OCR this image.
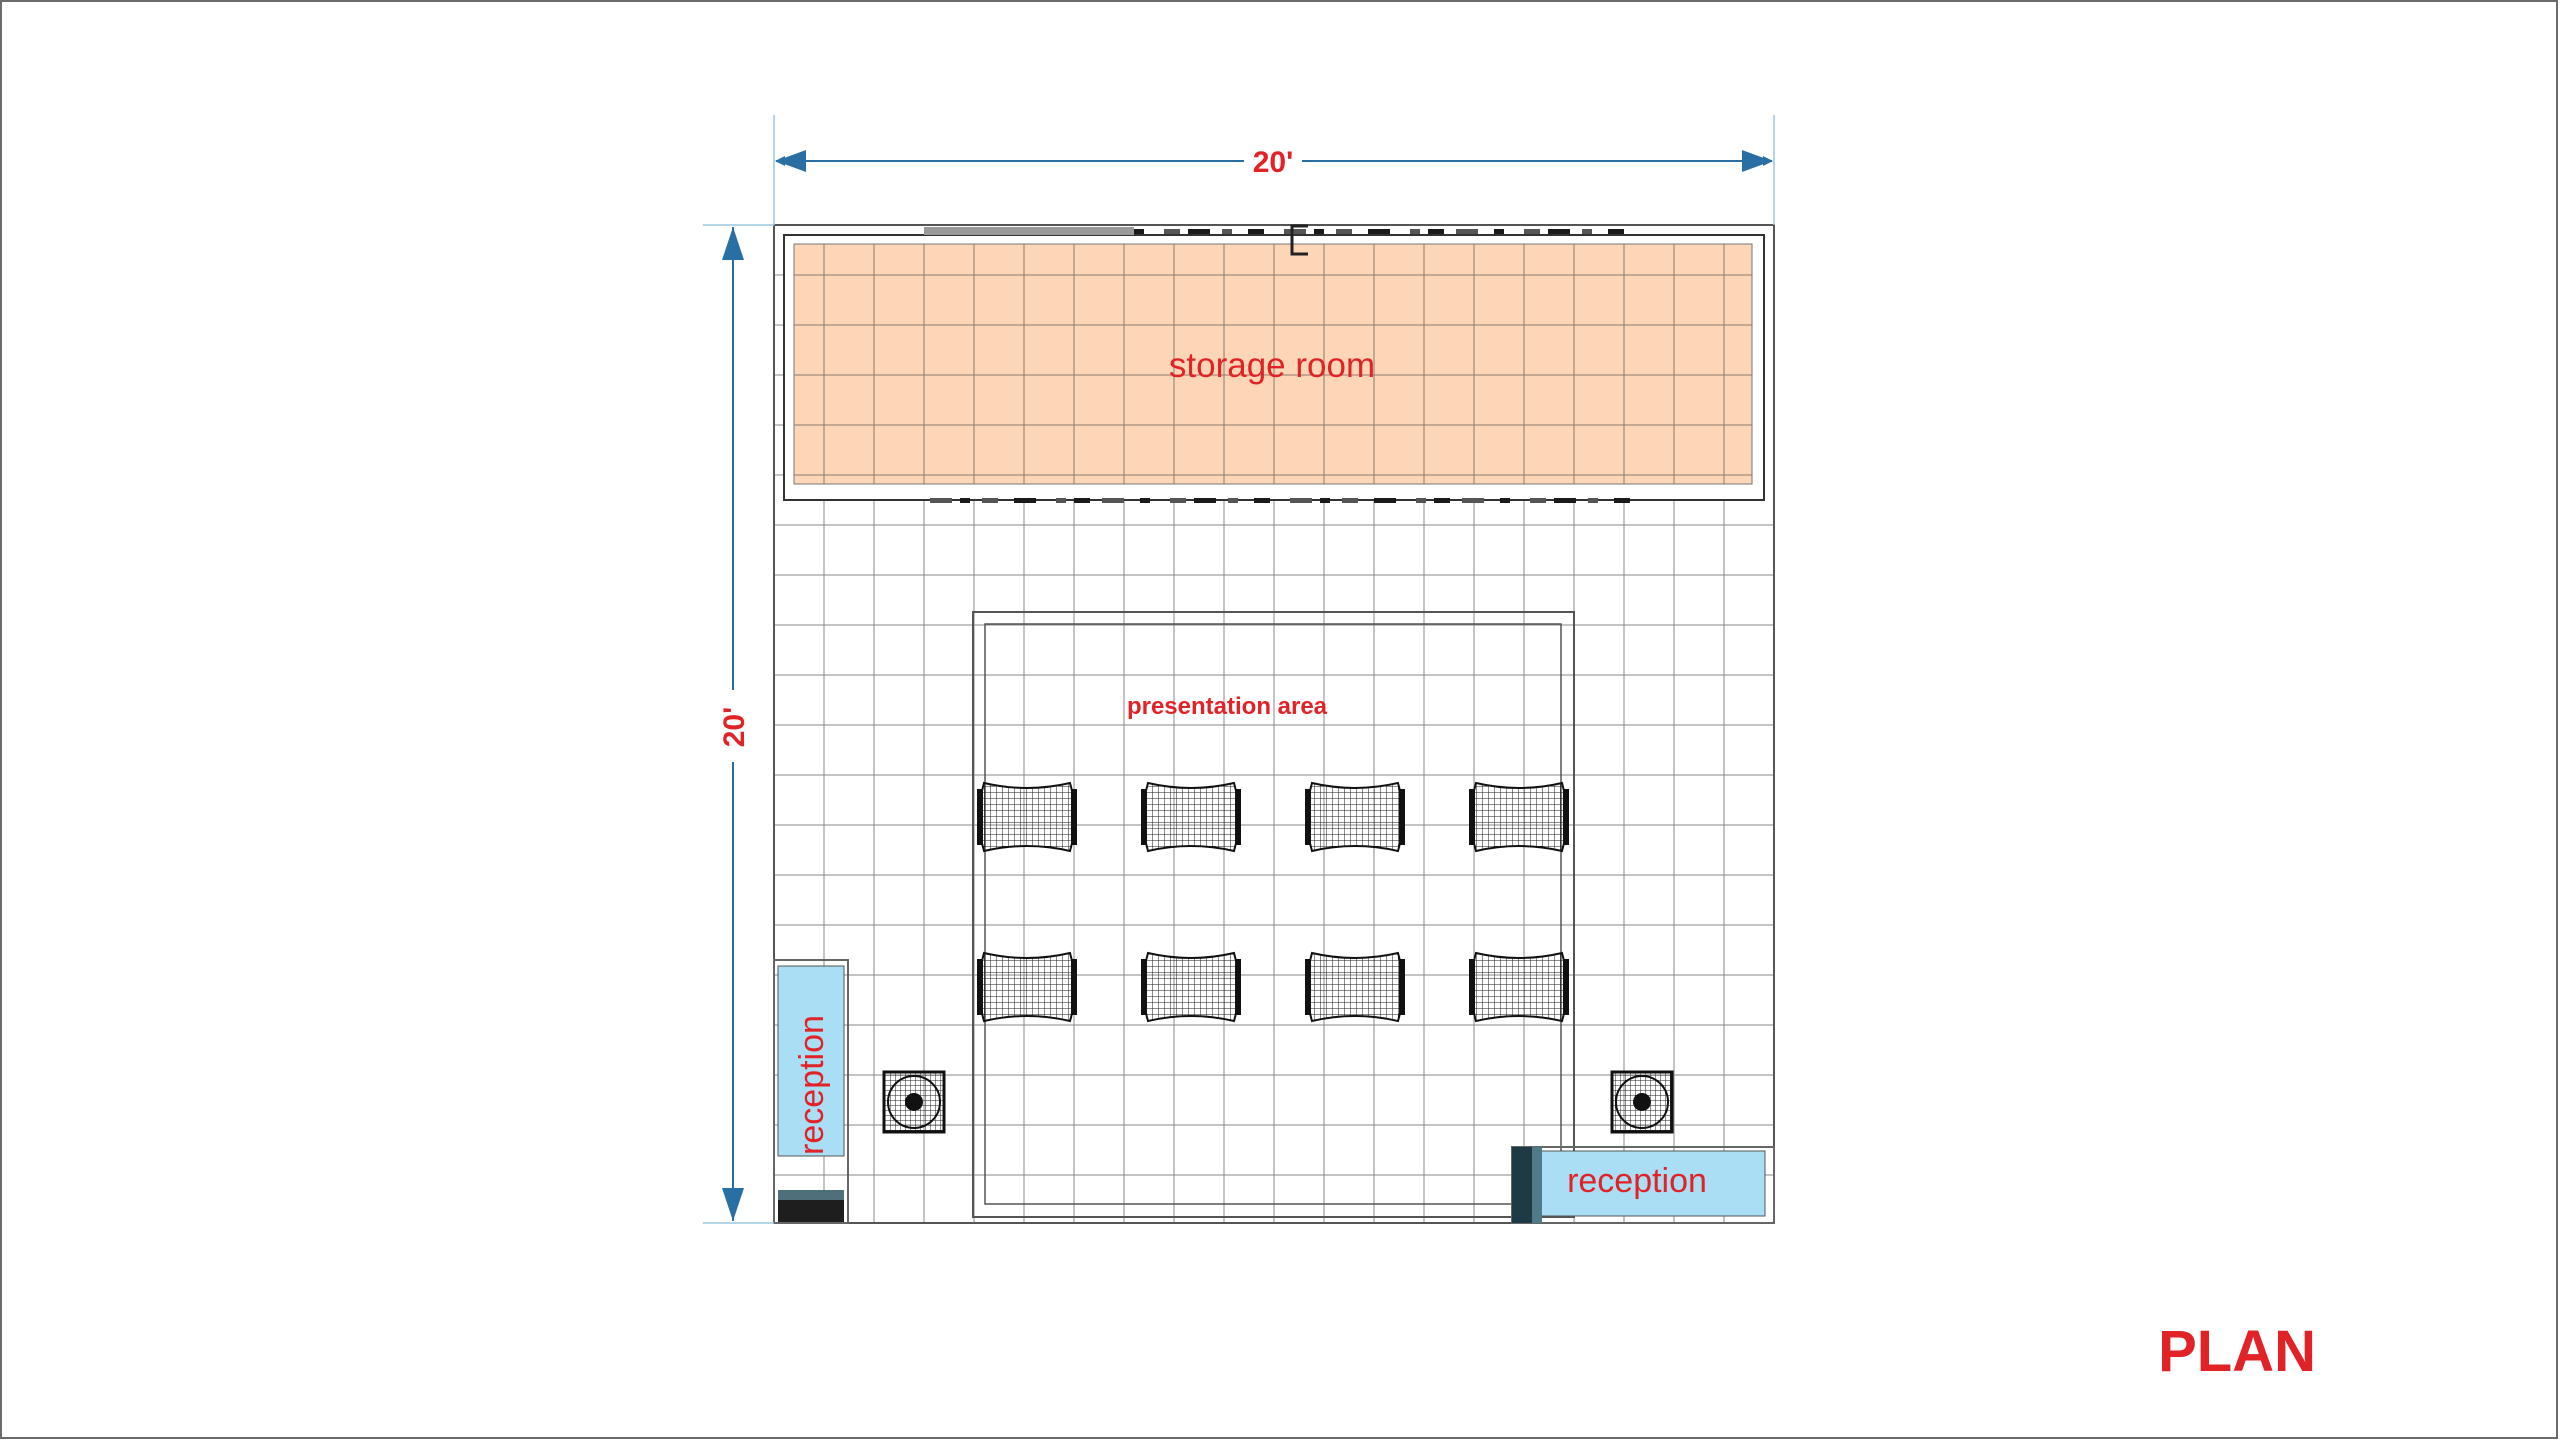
storage room
presentation area
reception
reception
20'
20'
PLAN
